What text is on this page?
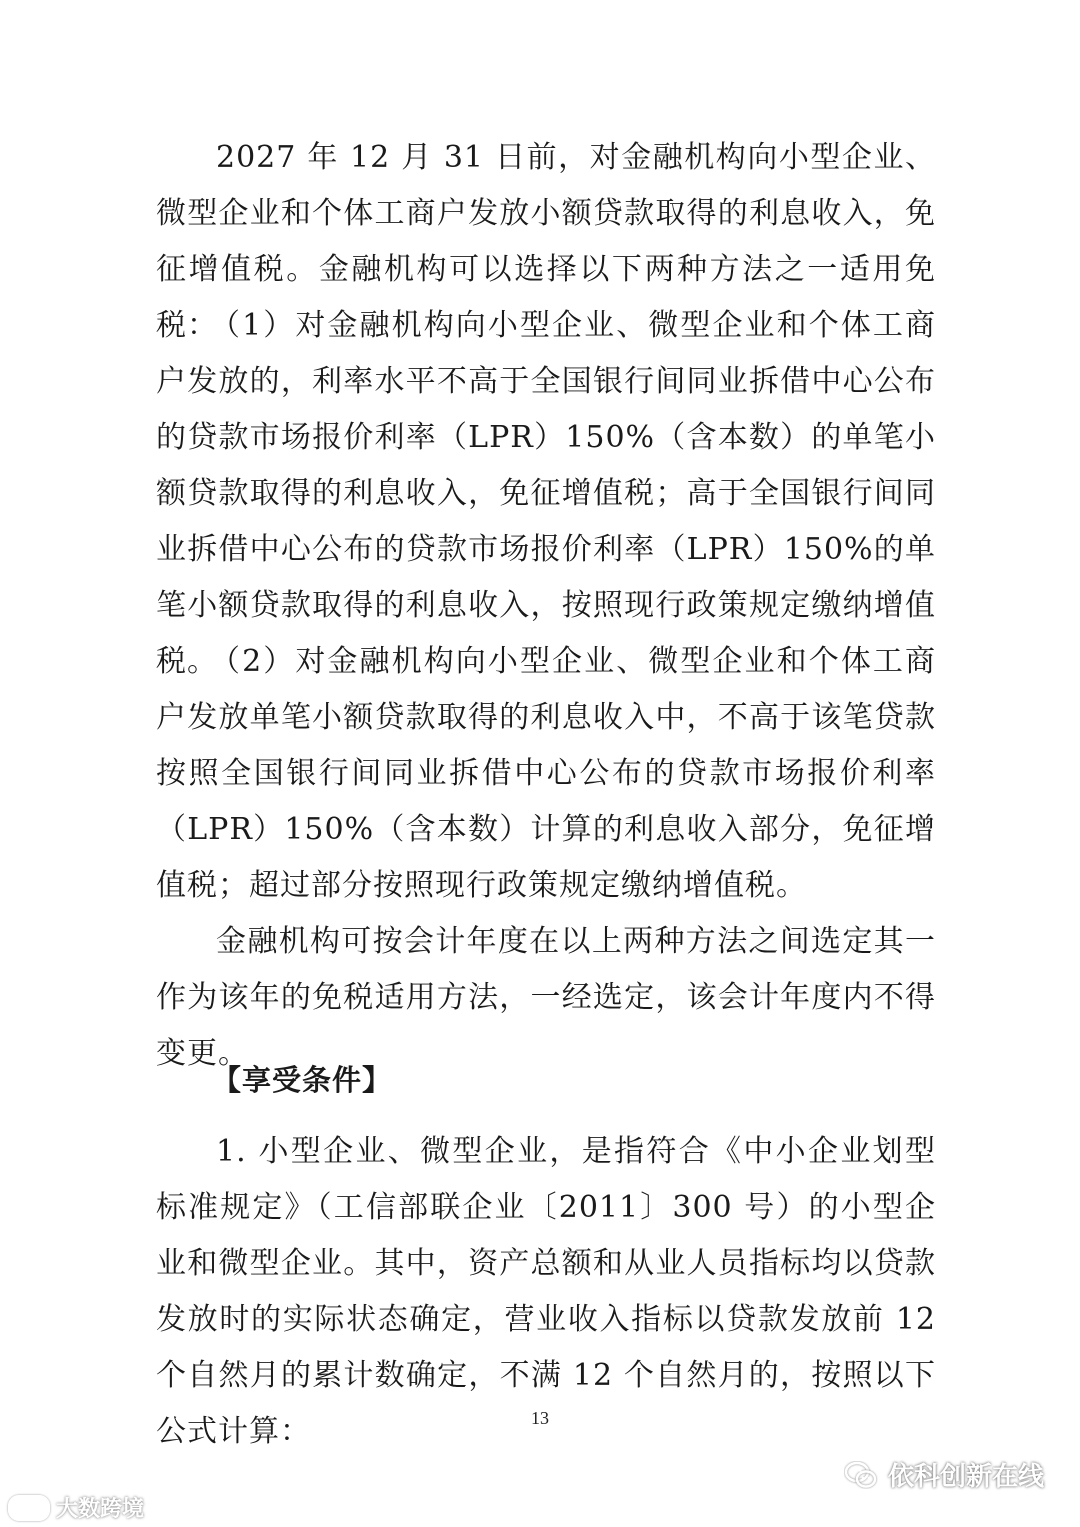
2027 年 12 月 31 日前，对金融机构向小型企业、微型企业和个体工商户发放小额贷款取得的利息收入，免征增值税。金融机构可以选择以下两种方法之一适用免税：
（1）对金融机构向小型企业、微型企业和个体工商户发放的，利率水平不高于全国银行间同业拆借中心公布的贷款市场报价利率（LPR）150%（含本数）的单笔小额贷款取得的利息收入，免征增值税；高于全国银行间同业拆借中心公布的贷款市场报价利率（LPR）150%的单笔小额贷款取得的利息收入，按照现行政策规定缴纳增值税。
（2）对金融机构向小型企业、微型企业和个体工商户发放单笔小额贷款取得的利息收入中，不高于该笔贷款按照全国银行间同业拆借中心公布的贷款市场报价利率（LPR）150%（含本数）计算的利息收入部分，免征增值税；超过部分按照现行政策规定缴纳增值税。
金融机构可按会计年度在以上两种方法之间选定其一作为该年的免税适用方法，一经选定，该会计年度内不得变更。
【享受条件】
1. 小型企业、微型企业，是指符合《中小企业划型标准规定》（工信部联企业〔2011〕300 号）的小型企业和微型企业。其中，资产总额和从业人员指标均以贷款发放时的实际状态确定，营业收入指标以贷款发放前 12 个自然月的累计数确定，不满 12 个自然月的，按照以下公式计算：	13
大数跨境
依科创新在线
